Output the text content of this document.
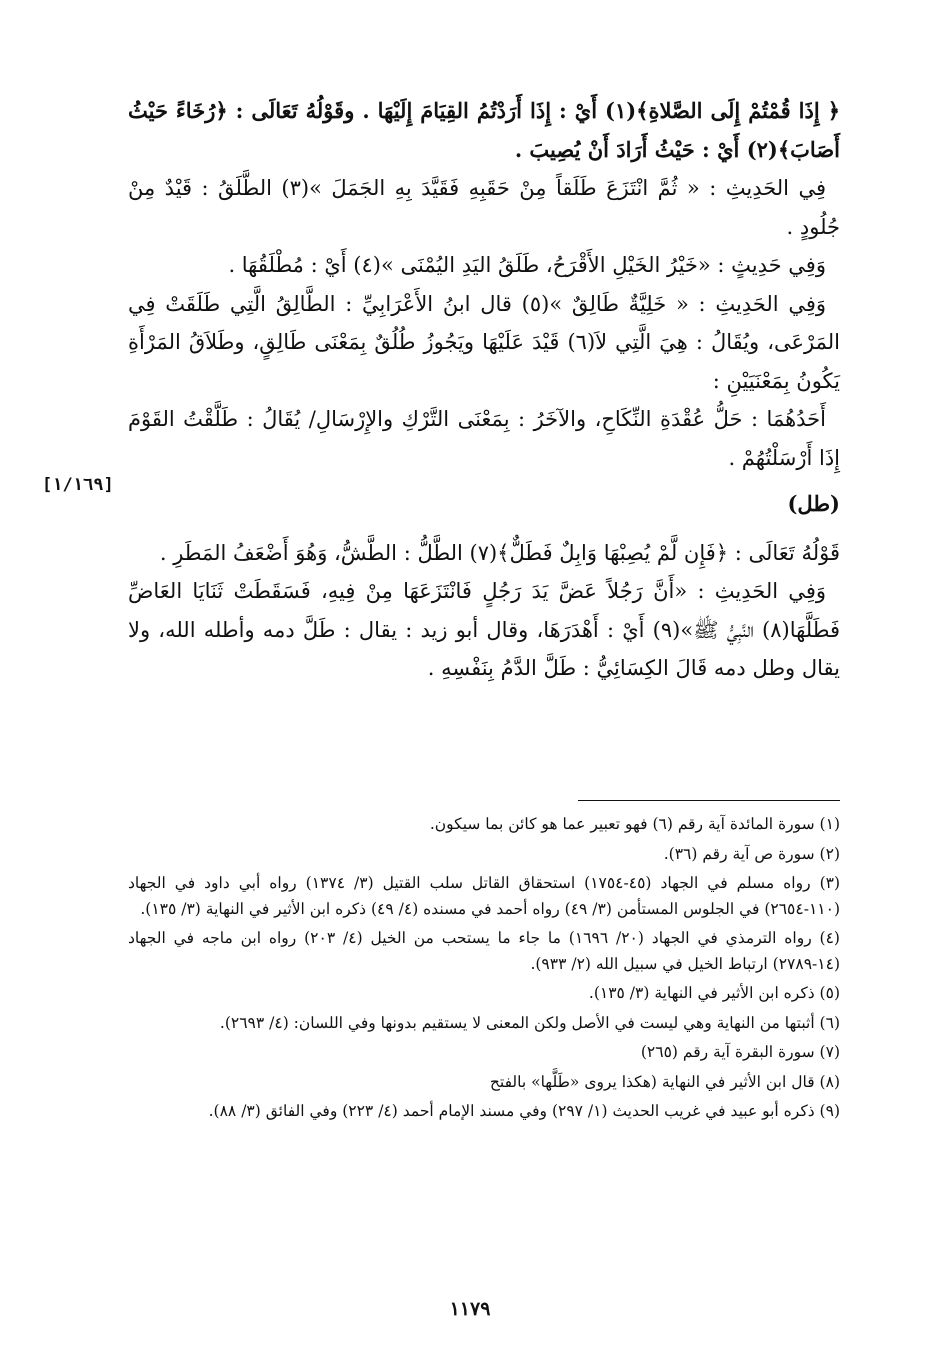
﴿ إِذَا قُمْتُمْ إِلَى الصَّلاةِ﴾(١) أَيْ : إِذَا أَرَدْتُمُ القِيَامَ إِلَيْهَا . وقَوْلُهُ تَعَالَى : ﴿رُخَاءً حَيْثُ أَصَابَ﴾(٢) أَيْ : حَيْثُ أَرَادَ أَنْ يُصِيبَ .

فِي الحَدِيثِ : « ثُمَّ انْتَزَعَ طَلَقاً مِنْ حَقَبِهِ فَقَيَّدَ بِهِ الجَمَلَ »(٣) الطَّلَقُ : قَيْدٌ مِنْ جُلُودٍ .

وَفِي حَدِيثٍ : «خَيْرُ الخَيْلِ الأَقْرَحُ، طَلَقُ اليَدِ اليُمْنَى »(٤) أَيْ : مُطْلَقُهَا .

وَفِي الحَدِيثِ : « خَلِيَّةٌ طَالِقٌ »(٥) قال ابنُ الأَعْرَابِيِّ : الطَّالِقُ الَّتِي طَلَقَتْ فِي المَرْعَى، ويُقَالُ : هِيَ الَّتِي لاَ(٦) قَيْدَ عَلَيْهَا ويَجُوزُ طُلُقٌ بِمَعْنَى طَالِقٍ، وطَلاَقُ المَرْأَةِ يَكُونُ بِمَعْنَيَيْنِ :

أَحَدُهُمَا : حَلُّ عُقْدَةِ النِّكَاحِ، والآخَرُ : بِمَعْنَى التَّرْكِ والإِرْسَالِ/ يُقَالُ : طَلَّقْتُ القَوْمَ إِذَا أَرْسَلْتُهُمْ .

(طل)

قَوْلُهُ تَعَالَى : ﴿فَإِن لَّمْ يُصِبْهَا وَابِلٌ فَطَلٌّ﴾(٧) الطَّلُّ : الطَّشُّ، وَهُوَ أَضْعَفُ المَطَرِ .

وَفِي الحَدِيثِ : «أَنَّ رَجُلاً عَضَّ يَدَ رَجُلٍ فَانْتَزَعَهَا مِنْ فِيهِ، فَسَقَطَتْ ثَنَايَا العَاضِّ فَطَلَّهَا(٨) النَّبِيُّ ﷺ»(٩) أَيْ : أَهْدَرَهَا، وقال أبو زيد : يقال : طَلَّ دمه وأطله الله، ولا يقال وطل دمه قَالَ الكِسَائِيُّ : طَلَّ الدَّمُ بِنَفْسِهِ .

[١/١٦٩]

(١) سورة المائدة آية رقم (٦) فهو تعبير عما هو كائن بما سيكون.

(٢) سورة ص آية رقم (٣٦).

(٣) رواه مسلم في الجهاد (٤٥-١٧٥٤) استحقاق القاتل سلب القتيل (٣/ ١٣٧٤) رواه أبي داود في الجهاد (١١٠-٢٦٥٤) في الجلوس المستأمن (٣/ ٤٩) رواه أحمد في مسنده (٤/ ٤٩) ذكره ابن الأثير في النهاية (٣/ ١٣٥).

(٤) رواه الترمذي في الجهاد (٢٠/ ١٦٩٦) ما جاء ما يستحب من الخيل (٤/ ٢٠٣) رواه ابن ماجه في الجهاد (١٤-٢٧٨٩) ارتباط الخيل في سبيل الله (٢/ ٩٣٣).

(٥) ذكره ابن الأثير في النهاية (٣/ ١٣٥).

(٦) أثبتها من النهاية وهي ليست في الأصل ولكن المعنى لا يستقيم بدونها وفي اللسان: (٤/ ٢٦٩٣).

(٧) سورة البقرة آية رقم (٢٦٥)

(٨) قال ابن الأثير في النهاية (هكذا يروى «طَلَّها» بالفتح

(٩) ذكره أبو عبيد في غريب الحديث (١/ ٢٩٧) وفي مسند الإمام أحمد (٤/ ٢٢٣) وفي الفائق (٣/ ٨٨).

١١٧٩
